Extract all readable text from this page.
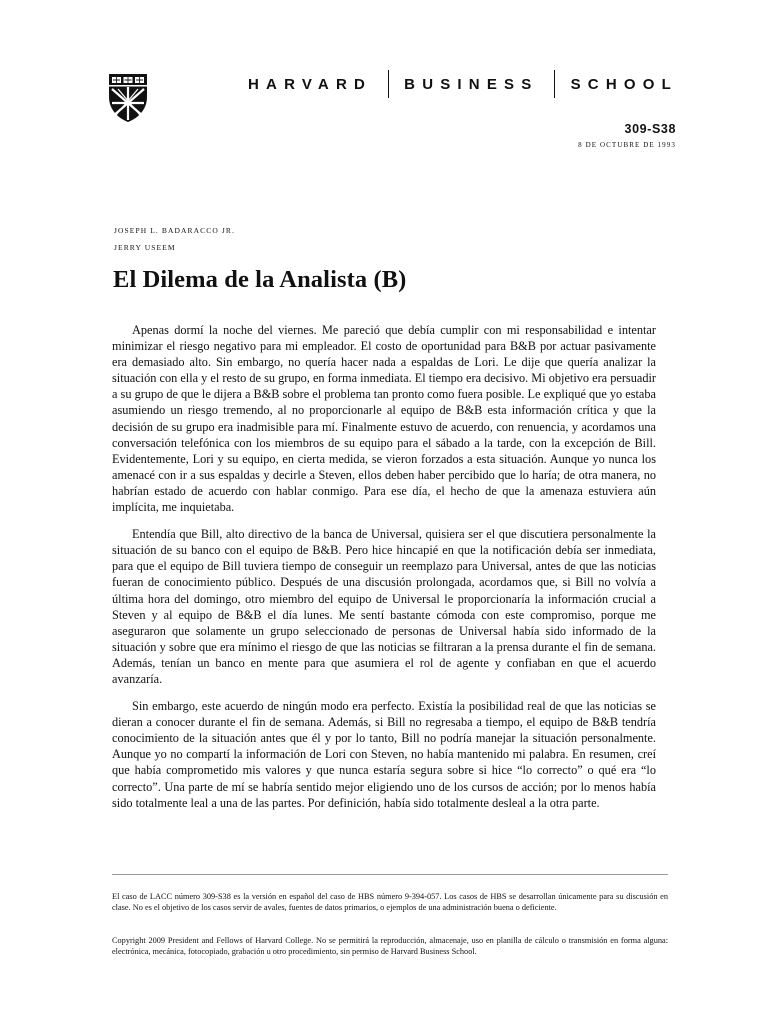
HARVARD BUSINESS SCHOOL
309-S38
8 DE OCTUBRE DE 1993
JOSEPH L. BADARACCO JR.
JERRY USEEM
El Dilema de la Analista (B)

Apenas dormí la noche del viernes. Me pareció que debía cumplir con mi responsabilidad e intentar minimizar el riesgo negativo para mi empleador. El costo de oportunidad para B&B por actuar pasivamente era demasiado alto. Sin embargo, no quería hacer nada a espaldas de Lori. Le dije que quería analizar la situación con ella y el resto de su grupo, en forma inmediata. El tiempo era decisivo. Mi objetivo era persuadir a su grupo de que le dijera a B&B sobre el problema tan pronto como fuera posible. Le expliqué que yo estaba asumiendo un riesgo tremendo, al no proporcionarle al equipo de B&B esta información crítica y que la decisión de su grupo era inadmisible para mí. Finalmente estuvo de acuerdo, con renuencia, y acordamos una conversación telefónica con los miembros de su equipo para el sábado a la tarde, con la excepción de Bill. Evidentemente, Lori y su equipo, en cierta medida, se vieron forzados a esta situación. Aunque yo nunca los amenacé con ir a sus espaldas y decirle a Steven, ellos deben haber percibido que lo haría; de otra manera, no habrían estado de acuerdo con hablar conmigo. Para ese día, el hecho de que la amenaza estuviera aún implícita, me inquietaba.

Entendía que Bill, alto directivo de la banca de Universal, quisiera ser el que discutiera personalmente la situación de su banco con el equipo de B&B. Pero hice hincapié en que la notificación debía ser inmediata, para que el equipo de Bill tuviera tiempo de conseguir un reemplazo para Universal, antes de que las noticias fueran de conocimiento público. Después de una discusión prolongada, acordamos que, si Bill no volvía a última hora del domingo, otro miembro del equipo de Universal le proporcionaría la información crucial a Steven y al equipo de B&B el día lunes. Me sentí bastante cómoda con este compromiso, porque me aseguraron que solamente un grupo seleccionado de personas de Universal había sido informado de la situación y sobre que era mínimo el riesgo de que las noticias se filtraran a la prensa durante el fin de semana. Además, tenían un banco en mente para que asumiera el rol de agente y confiaban en que el acuerdo avanzaría.

Sin embargo, este acuerdo de ningún modo era perfecto. Existía la posibilidad real de que las noticias se dieran a conocer durante el fin de semana. Además, si Bill no regresaba a tiempo, el equipo de B&B tendría conocimiento de la situación antes que él y por lo tanto, Bill no podría manejar la situación personalmente. Aunque yo no compartí la información de Lori con Steven, no había mantenido mi palabra. En resumen, creí que había comprometido mis valores y que nunca estaría segura sobre si hice “lo correcto” o qué era “lo correcto”. Una parte de mí se habría sentido mejor eligiendo uno de los cursos de acción; por lo menos había sido totalmente leal a una de las partes. Por definición, había sido totalmente desleal a la otra parte.

El caso de LACC número 309-S38 es la versión en español del caso de HBS número 9-394-057. Los casos de HBS se desarrollan únicamente para su discusión en clase. No es el objetivo de los casos servir de avales, fuentes de datos primarios, o ejemplos de una administración buena o deficiente.
Copyright 2009 President and Fellows of Harvard College. No se permitirá la reproducción, almacenaje, uso en planilla de cálculo o transmisión en forma alguna: electrónica, mecánica, fotocopiado, grabación u otro procedimiento, sin permiso de Harvard Business School.
